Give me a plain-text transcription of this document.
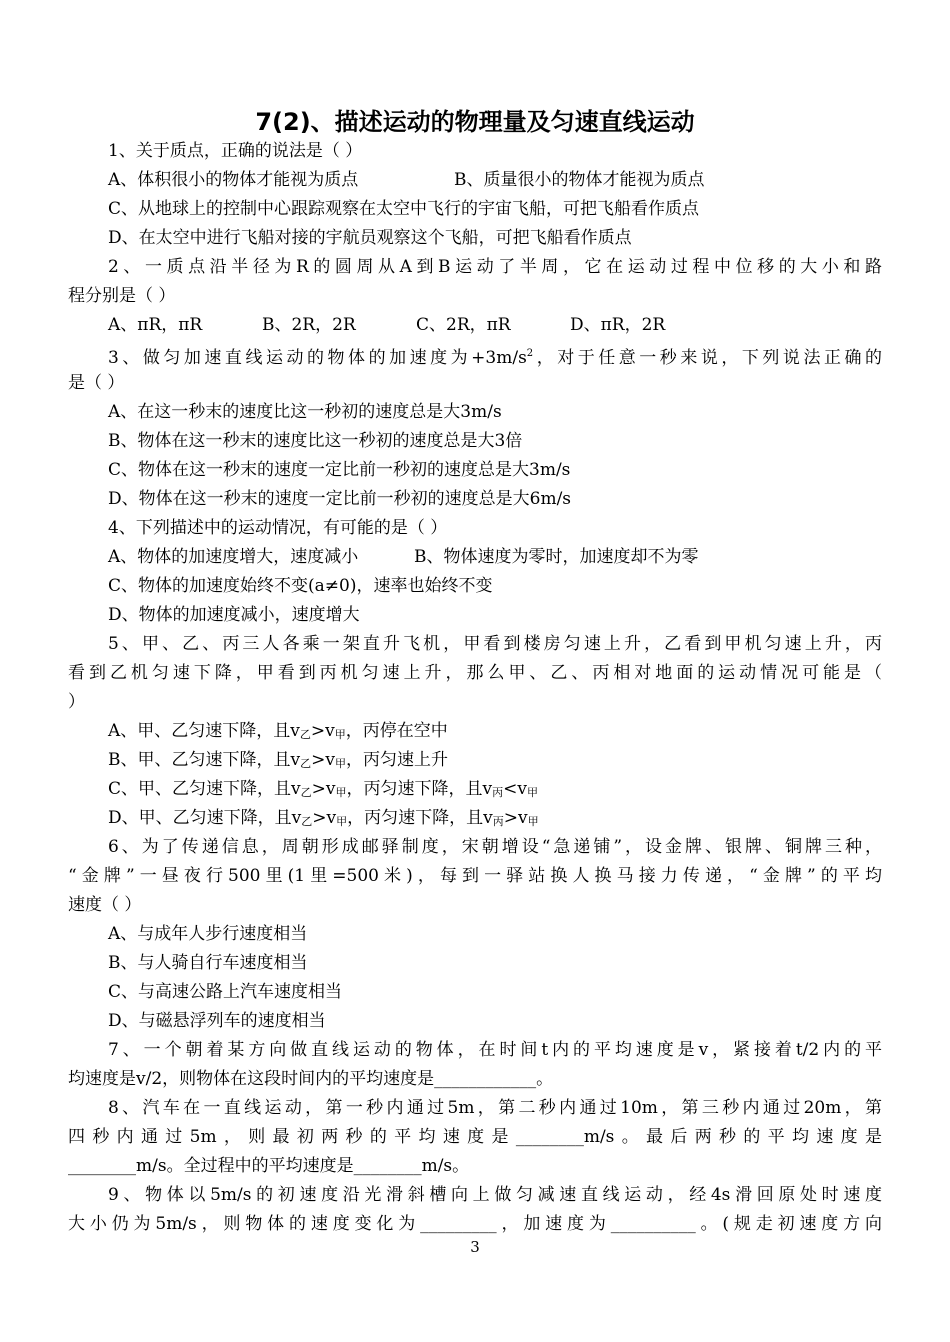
7(2)、描述运动的物理量及匀速直线运动
1、关于质点，正确的说法是（ ）
A、体积很小的物体才能视为质点	B、质量很小的物体才能视为质点
C、从地球上的控制中心跟踪观察在太空中飞行的宇宙飞船，可把飞船看作质点
D、在太空中进行飞船对接的宇航员观察这个飞船，可把飞船看作质点
2、一质点沿半径为R的圆周从A到B运动了半周，它在运动过程中位移的大小和路
程分别是（ ）
A、πR，πR	B、2R，2R	C、2R，πR	D、πR，2R
3、做匀加速直线运动的物体的加速度为$+3m/s^2$，对于任意一秒来说，下列说法正确的
是（ ）
A、在这一秒末的速度比这一秒初的速度总是大3m/s
B、物体在这一秒末的速度比这一秒初的速度总是大3倍
C、物体在这一秒末的速度一定比前一秒初的速度总是大3m/s
D、物体在这一秒末的速度一定比前一秒初的速度总是大6m/s
4、下列描述中的运动情况，有可能的是（ ）
A、物体的加速度增大，速度减小	B、物体速度为零时，加速度却不为零
C、物体的加速度始终不变(a≠0)，速率也始终不变
D、物体的加速度减小，速度增大
5、甲、乙、丙三人各乘一架直升飞机，甲看到楼房匀速上升，乙看到甲机匀速上升，丙
看到乙机匀速下降，甲看到丙机匀速上升，那么甲、乙、丙相对地面的运动情况可能是（
）
A、甲、乙匀速下降，且v乙>v甲，丙停在空中
B、甲、乙匀速下降，且v乙>v甲，丙匀速上升
C、甲、乙匀速下降，且v乙>v甲，丙匀速下降，且v丙<v甲
D、甲、乙匀速下降，且v乙>v甲，丙匀速下降，且v丙>v甲
6、为了传递信息，周朝形成邮驿制度，宋朝增设“急递铺”，设金牌、银牌、铜牌三种，
“金牌”一昼夜行500里(1里=500米)，每到一驿站换人换马接力传递，“金牌”的平均
速度（ ）
A、与成年人步行速度相当
B、与人骑自行车速度相当
C、与高速公路上汽车速度相当
D、与磁悬浮列车的速度相当
7、一个朝着某方向做直线运动的物体，在时间t内的平均速度是v，紧接着t/2内的平
均速度是v/2，则物体在这段时间内的平均速度是____________。
8、汽车在一直线运动，第一秒内通过5m，第二秒内通过10m，第三秒内通过20m，第
四秒内通过5m，则最初两秒的平均速度是________m/s。最后两秒的平均速度是
________m/s。全过程中的平均速度是________m/s。
9、物体以5m/s的初速度沿光滑斜槽向上做匀减速直线运动，经4s滑回原处时速度
大小仍为5m/s，则物体的速度变化为_________，加速度为__________。(规走初速度方向
3
